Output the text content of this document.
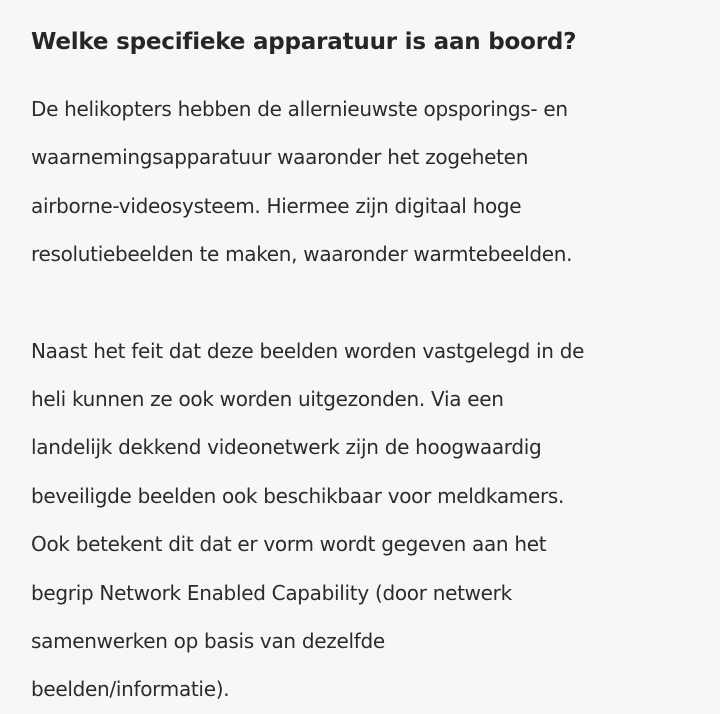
Welke specifieke apparatuur is aan boord?
De helikopters hebben de allernieuwste opsporings- en
waarnemingsapparatuur waaronder het zogeheten
airborne-videosysteem. Hiermee zijn digitaal hoge
resolutiebeelden te maken, waaronder warmtebeelden.
Naast het feit dat deze beelden worden vastgelegd in de
heli kunnen ze ook worden uitgezonden. Via een
landelijk dekkend videonetwerk zijn de hoogwaardig
beveiligde beelden ook beschikbaar voor meldkamers.
Ook betekent dit dat er vorm wordt gegeven aan het
begrip Network Enabled Capability (door netwerk
samenwerken op basis van dezelfde
beelden/informatie).
